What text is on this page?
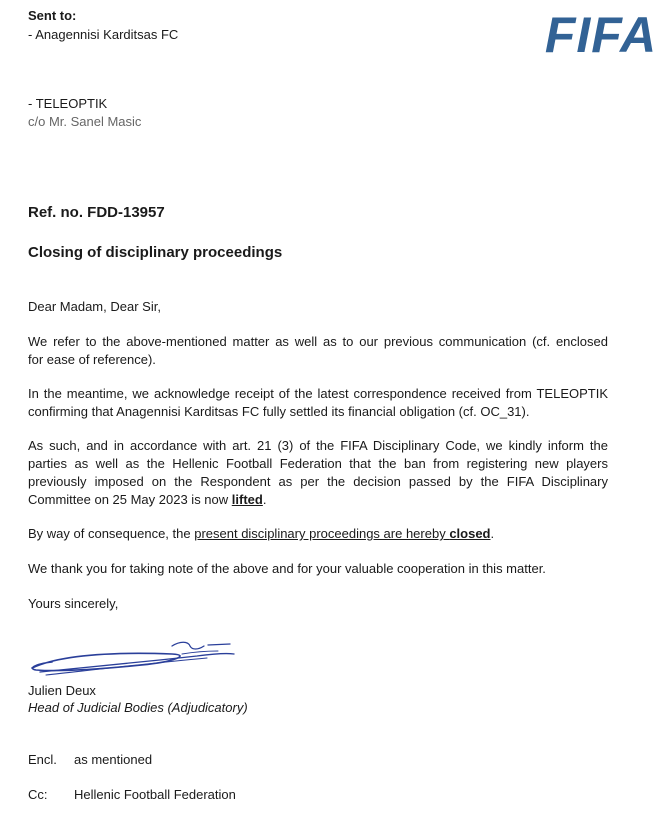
Sent to:
- Anagennisi Karditsas FC
- TELEOPTIK
c/o Mr. Sanel Masic
FIFA
Ref. no. FDD-13957
Closing of disciplinary proceedings
Dear Madam, Dear Sir,
We refer to the above-mentioned matter as well as to our previous communication (cf. enclosed
for ease of reference).
In the meantime, we acknowledge receipt of the latest correspondence received from TELEOPTIK
confirming that Anagennisi Karditsas FC fully settled its financial obligation (cf. OC_31).
As such, and in accordance with art. 21 (3) of the FIFA Disciplinary Code, we kindly inform the
parties as well as the Hellenic Football Federation that the ban from registering new players
previously imposed on the Respondent as per the decision passed by the FIFA Disciplinary
Committee on 25 May 2023 is now lifted.
By way of consequence, the present disciplinary proceedings are hereby closed.
We thank you for taking note of the above and for your valuable cooperation in this matter.
Yours sincerely,
Julien Deux
Head of Judicial Bodies (Adjudicatory)
Encl. as mentioned
Cc: Hellenic Football Federation
